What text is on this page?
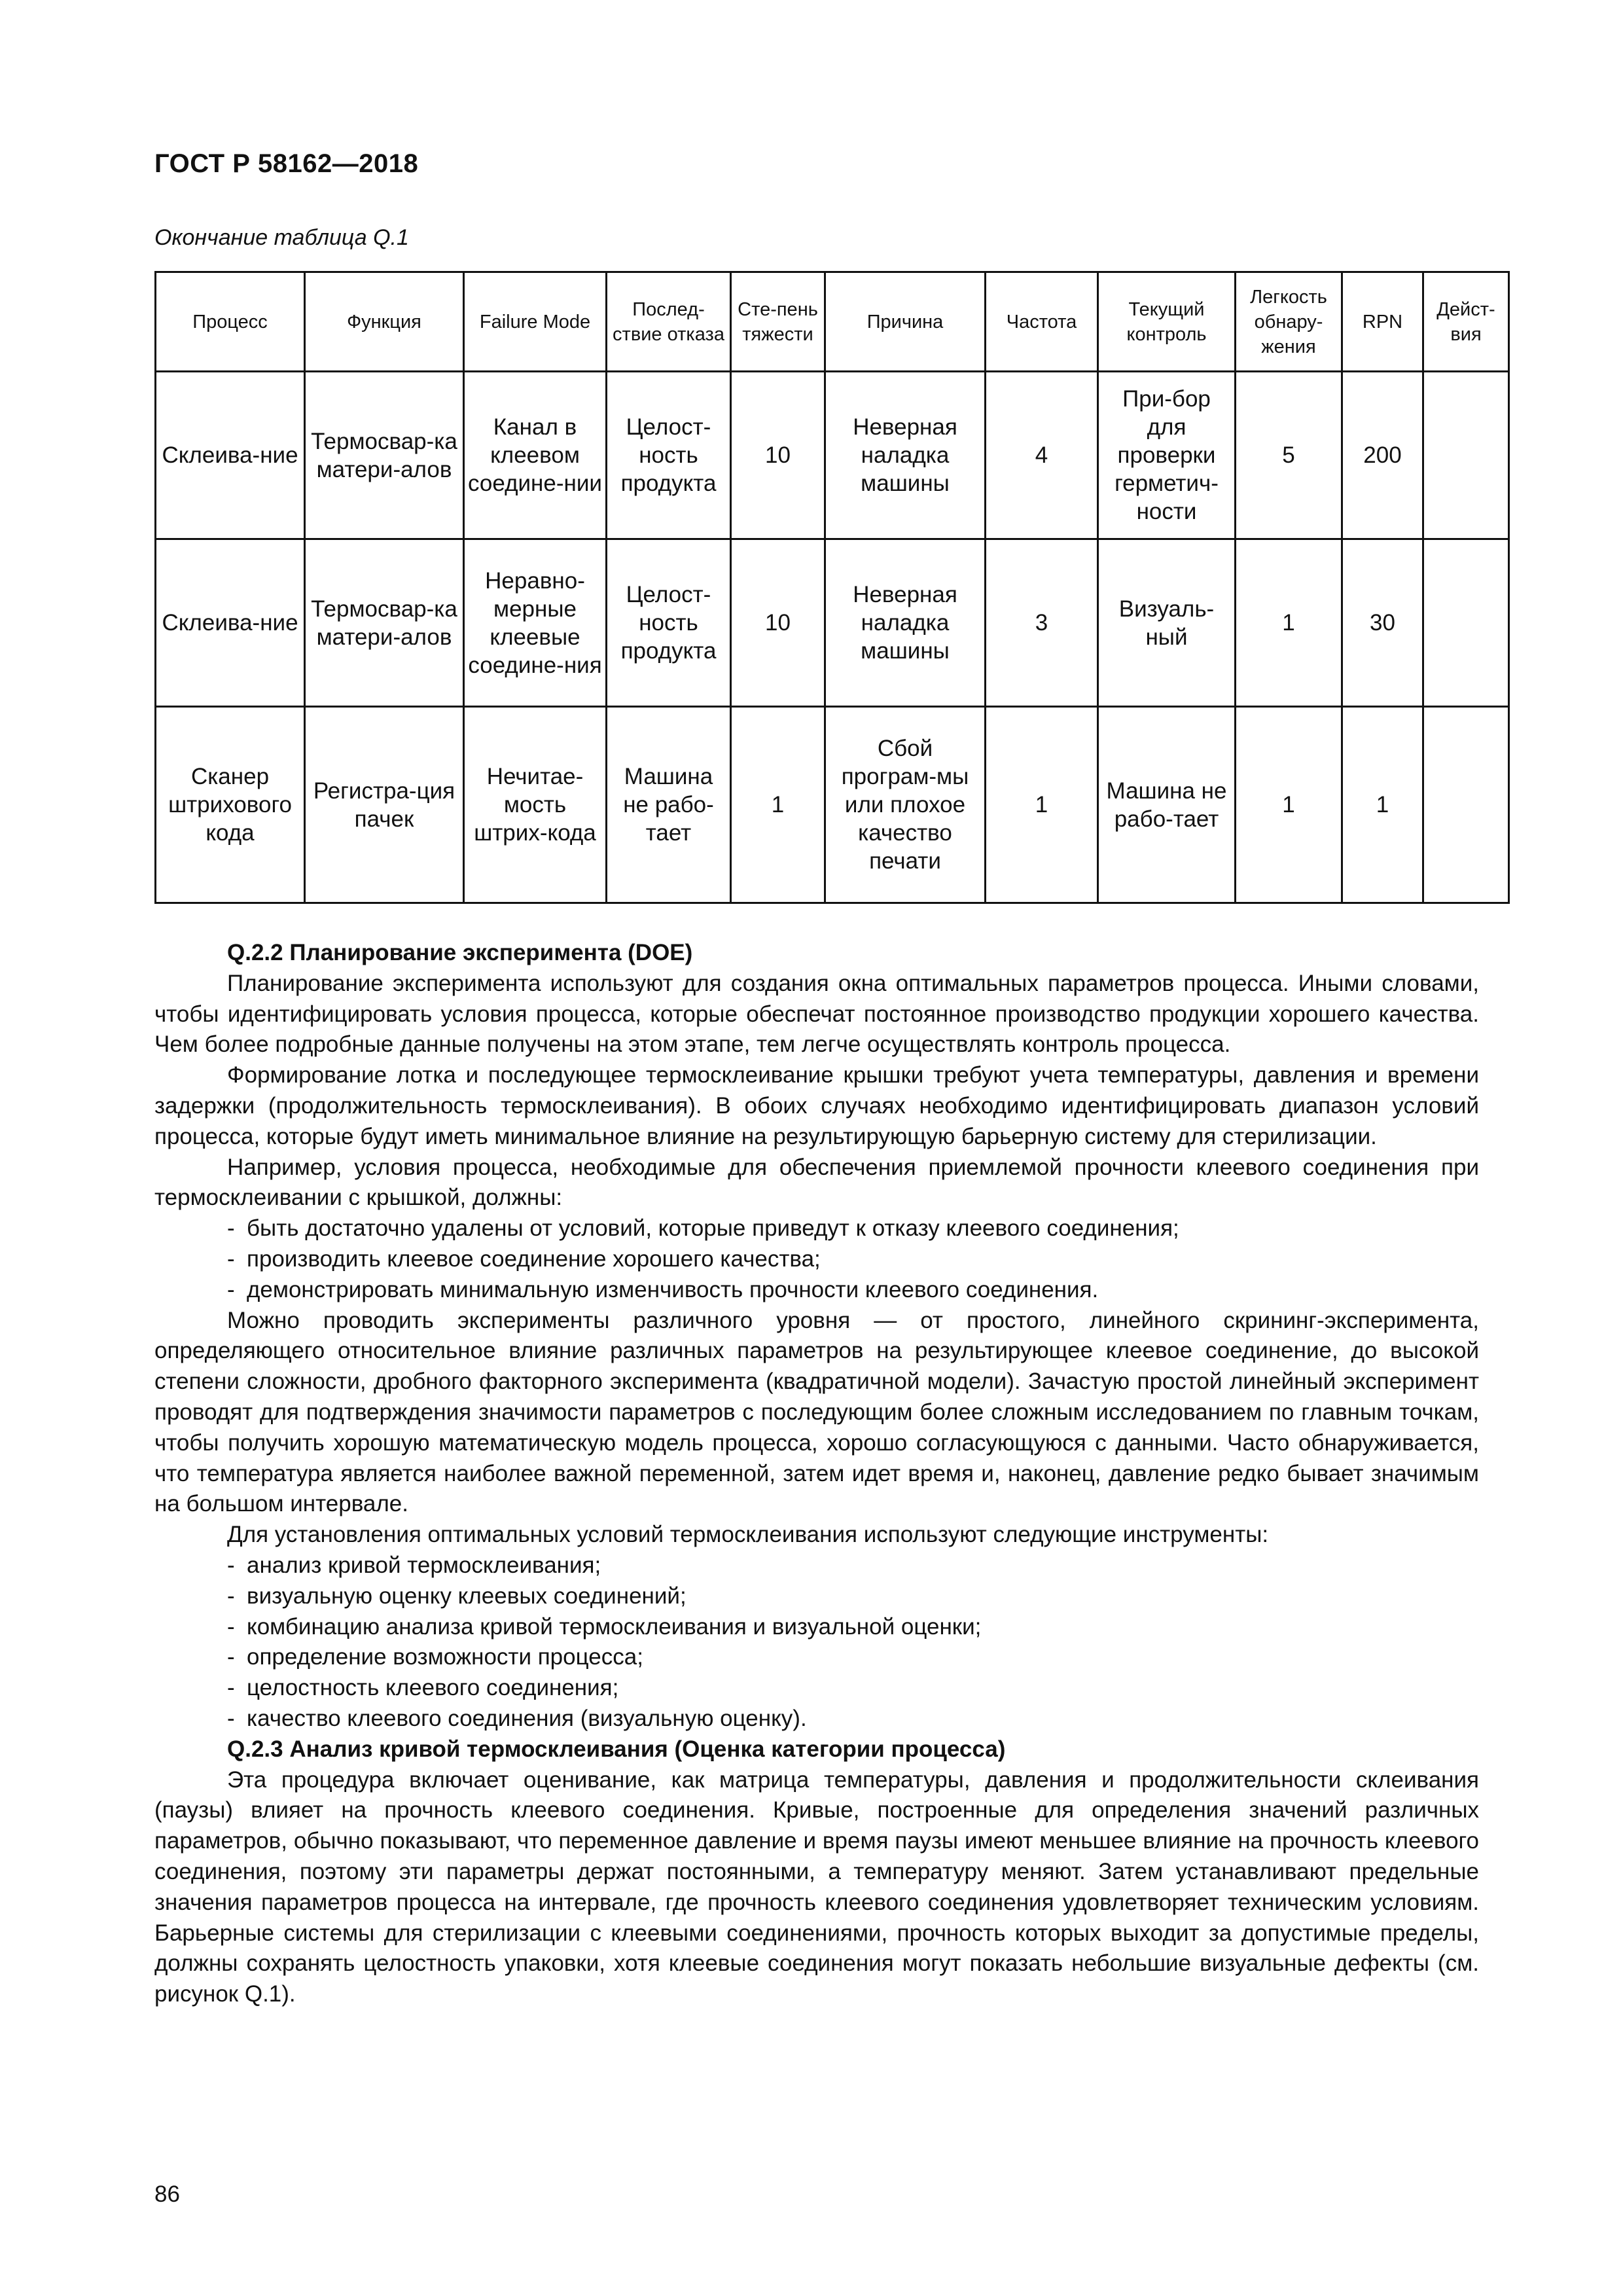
ГОСТ Р 58162—2018
Окончание таблица Q.1
Процесс	Функция	Failure Mode	Послед-ствие отказа	Сте-пень тяжести	Причина	Частота	Текущий контроль	Легкость обнару-жения	RPN	Дейст-вия
Склеива-ние	Термосвар-ка матери-алов	Канал в клеевом соедине-нии	Целост-ность продукта	10	Неверная наладка машины	4	При-бор для проверки герметич-ности	5	200	
Склеива-ние	Термосвар-ка матери-алов	Неравно-мерные клеевые соедине-ния	Целост-ность продукта	10	Неверная наладка машины	3	Визуаль-ный	1	30	
Сканер штрихового кода	Регистра-ция пачек	Нечитае-мость штрих-кода	Машина не рабо-тает	1	Сбой програм-мы или плохое качество печати	1	Машина не рабо-тает	1	1	
Q.2.2 Планирование эксперимента (DOE)

Планирование эксперимента используют для создания окна оптимальных параметров процесса. Иными словами, чтобы идентифицировать условия процесса, которые обеспечат постоянное производство продукции хорошего качества. Чем более подробные данные получены на этом этапе, тем легче осуществлять контроль процесса.

Формирование лотка и последующее термосклеивание крышки требуют учета температуры, давления и времени задержки (продолжительность термосклеивания). В обоих случаях необходимо идентифицировать диапазон условий процесса, которые будут иметь минимальное влияние на результирующую барьерную систему для стерилизации.

Например, условия процесса, необходимые для обеспечения приемлемой прочности клеевого соединения при термосклеивании с крышкой, должны:

- быть достаточно удалены от условий, которые приведут к отказу клеевого соединения;
- производить клеевое соединение хорошего качества;
- демонстрировать минимальную изменчивость прочности клеевого соединения.

Можно проводить эксперименты различного уровня — от простого, линейного скрининг-эксперимента, определяющего относительное влияние различных параметров на результирующее клеевое соединение, до высокой степени сложности, дробного факторного эксперимента (квадратичной модели). Зачастую простой линейный эксперимент проводят для подтверждения значимости параметров с последующим более сложным исследованием по главным точкам, чтобы получить хорошую математическую модель процесса, хорошо согласующуюся с данными. Часто обнаруживается, что температура является наиболее важной переменной, затем идет время и, наконец, давление редко бывает значимым на большом интервале.

Для установления оптимальных условий термосклеивания используют следующие инструменты:

- анализ кривой термосклеивания;
- визуальную оценку клеевых соединений;
- комбинацию анализа кривой термосклеивания и визуальной оценки;
- определение возможности процесса;
- целостность клеевого соединения;
- качество клеевого соединения (визуальную оценку).
Q.2.3 Анализ кривой термосклеивания (Оценка категории процесса)

Эта процедура включает оценивание, как матрица температуры, давления и продолжительности склеивания (паузы) влияет на прочность клеевого соединения. Кривые, построенные для определения значений различных параметров, обычно показывают, что переменное давление и время паузы имеют меньшее влияние на прочность клеевого соединения, поэтому эти параметры держат постоянными, а температуру меняют. Затем устанавливают предельные значения параметров процесса на интервале, где прочность клеевого соединения удовлетворяет техническим условиям. Барьерные системы для стерилизации с клеевыми соединениями, прочность которых выходит за допустимые пределы, должны сохранять целостность упаковки, хотя клеевые соединения могут показать небольшие визуальные дефекты (см. рисунок Q.1).

86
